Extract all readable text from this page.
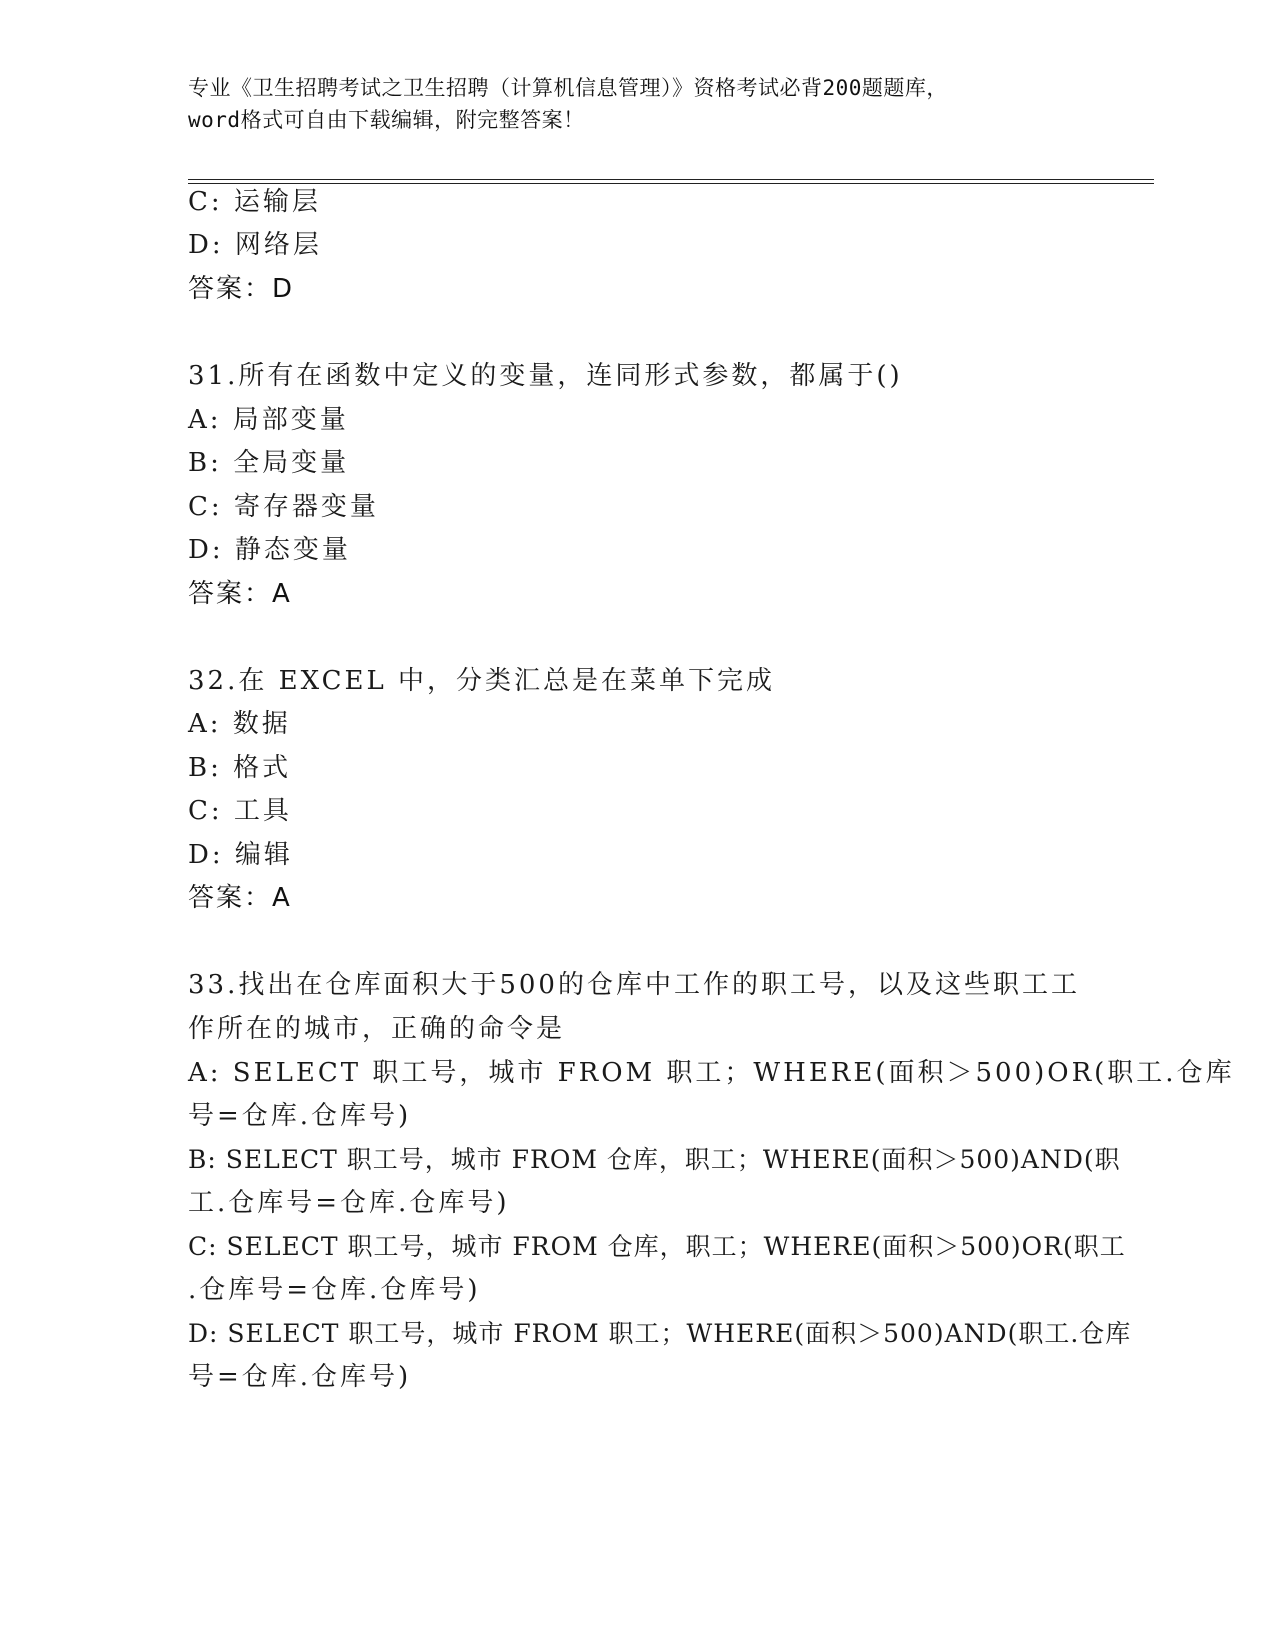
专业《卫生招聘考试之卫生招聘（计算机信息管理）》资格考试必背200题题库，
word格式可自由下载编辑，附完整答案！
C: 运输层
D: 网络层
答案：D
31.所有在函数中定义的变量，连同形式参数，都属于()
A: 局部变量
B: 全局变量
C: 寄存器变量
D: 静态变量
答案：A
32.在 EXCEL 中，分类汇总是在菜单下完成
A: 数据
B: 格式
C: 工具
D: 编辑
答案：A
33.找出在仓库面积大于500的仓库中工作的职工号，以及这些职工工
作所在的城市，正确的命令是
A: SELECT 职工号，城市 FROM 职工；WHERE(面积＞500)OR(职工.仓库
号=仓库.仓库号)
B: SELECT 职工号，城市 FROM 仓库，职工；WHERE(面积＞500)AND(职
工.仓库号=仓库.仓库号)
C: SELECT 职工号，城市 FROM 仓库，职工；WHERE(面积＞500)OR(职工
.仓库号=仓库.仓库号)
D: SELECT 职工号，城市 FROM 职工；WHERE(面积＞500)AND(职工.仓库
号=仓库.仓库号)
